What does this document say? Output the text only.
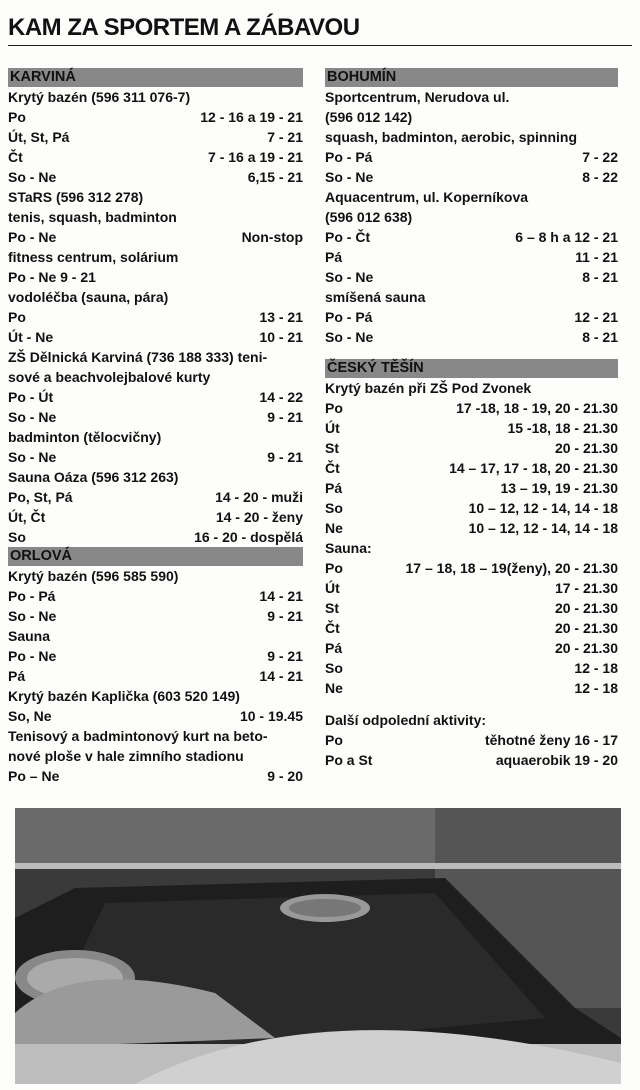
KAM ZA SPORTEM A ZÁBAVOU
KARVINÁ
Krytý bazén (596 311 076-7)
Po	12 - 16 a 19 - 21
Út, St, Pá	7 - 21
Čt	7 - 16 a 19 - 21
So - Ne	6,15 - 21
STaRS (596 312 278)
tenis, squash, badminton
Po - Ne	Non-stop
fitness centrum, solárium
Po - Ne 9 - 21
vodoléčba (sauna, pára)
Po	13 - 21
Út - Ne	10 - 21
ZŠ Dělnická Karviná (736 188 333) teni-
sové a beachvolejbalové kurty
Po - Út	14 - 22
So - Ne	9 - 21
badminton (tělocvičny)
So - Ne	9 - 21
Sauna Oáza (596 312 263)
Po, St, Pá	14 - 20 - muži
Út, Čt	14 - 20 - ženy
So	16 - 20 - dospělá
ORLOVÁ
Krytý bazén (596 585 590)
Po - Pá	14 - 21
So - Ne	9 - 21
Sauna
Po - Ne	9 - 21
Pá	14 - 21
Krytý bazén Kaplička (603 520 149)
So, Ne	10 - 19.45
Tenisový a badmintonový kurt na beto-
nové ploše v hale zimního stadionu
Po – Ne	9 - 20
BOHUMÍN
Sportcentrum, Nerudova ul.
(596 012 142)
squash, badminton, aerobic, spinning
Po - Pá	7 - 22
So - Ne	8 - 22
Aquacentrum, ul. Koperníkova
(596 012 638)
Po - Čt	6 – 8 h a 12 - 21
Pá	11 - 21
So - Ne	8 - 21
smíšená sauna
Po - Pá	12 - 21
So - Ne	8 - 21
ČESKÝ TĚŠÍN
Krytý bazén při ZŠ Pod Zvonek
Po	17 -18, 18 - 19, 20 - 21.30
Út	15 -18, 18 - 21.30
St	20 - 21.30
Čt	14 – 17, 17 - 18, 20 - 21.30
Pá	13 – 19, 19 - 21.30
So	10 – 12, 12 - 14, 14 - 18
Ne	10 – 12, 12 - 14, 14 - 18
Sauna:
Po	17 – 18, 18 – 19(ženy), 20 - 21.30
Út	17 - 21.30
St	20 - 21.30
Čt	20 - 21.30
Pá	20 - 21.30
So	12 - 18
Ne	12 - 18
Další odpolední aktivity:
Po	těhotné ženy 16 - 17
Po a St	aquaerobik 19 - 20
